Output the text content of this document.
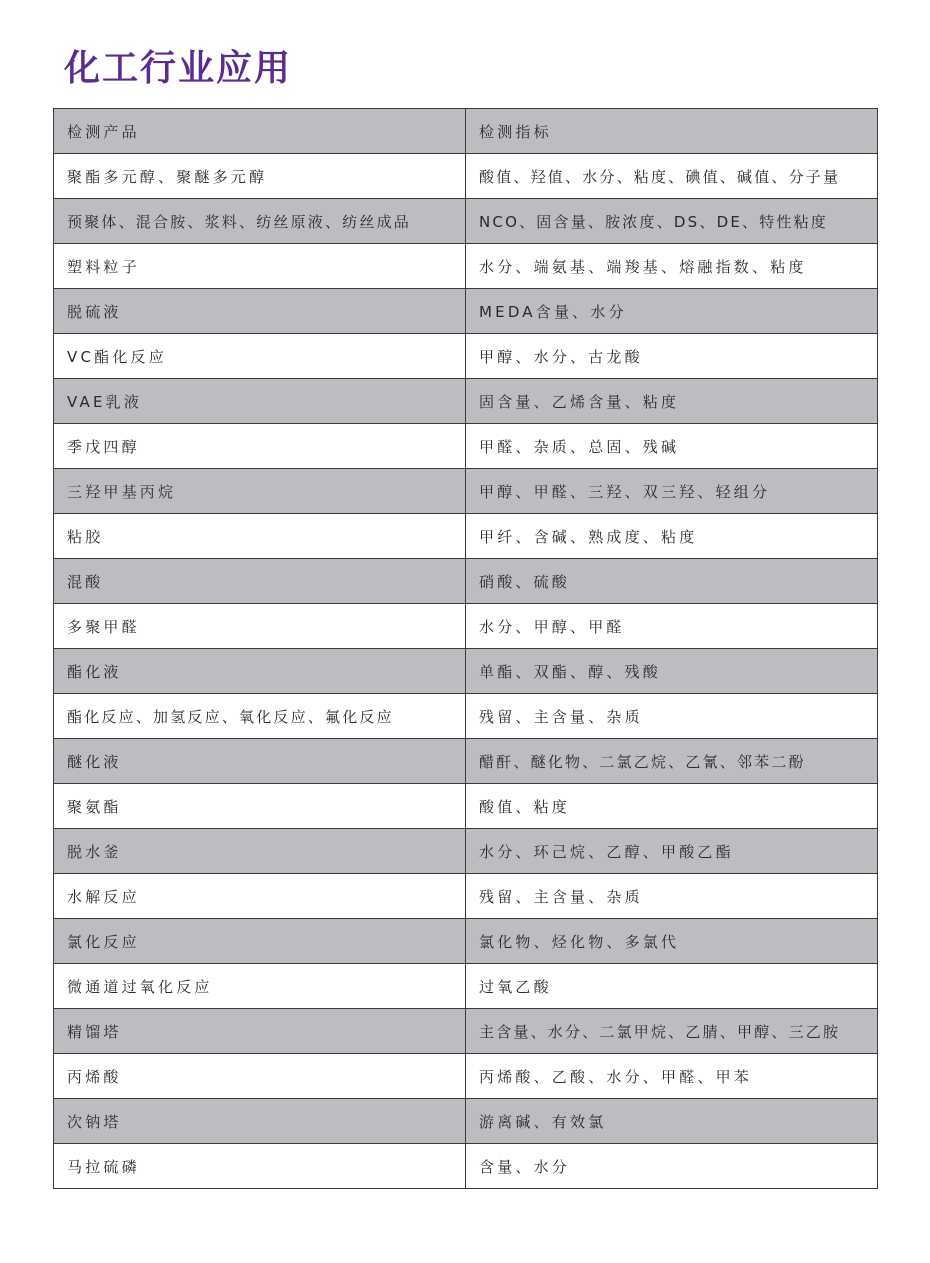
化工行业应用
检测产品	检测指标
聚酯多元醇、聚醚多元醇	酸值、羟值、水分、粘度、碘值、碱值、分子量
预聚体、混合胺、浆料、纺丝原液、纺丝成品	NCO、固含量、胺浓度、DS、DE、特性粘度
塑料粒子	水分、端氨基、端羧基、熔融指数、粘度
脱硫液	MEDA含量、水分
VC酯化反应	甲醇、水分、古龙酸
VAE乳液	固含量、乙烯含量、粘度
季戊四醇	甲醛、杂质、总固、残碱
三羟甲基丙烷	甲醇、甲醛、三羟、双三羟、轻组分
粘胶	甲纤、含碱、熟成度、粘度
混酸	硝酸、硫酸
多聚甲醛	水分、甲醇、甲醛
酯化液	单酯、双酯、醇、残酸
酯化反应、加氢反应、氧化反应、氟化反应	残留、主含量、杂质
醚化液	醋酐、醚化物、二氯乙烷、乙氰、邻苯二酚
聚氨酯	酸值、粘度
脱水釜	水分、环己烷、乙醇、甲酸乙酯
水解反应	残留、主含量、杂质
氯化反应	氯化物、烃化物、多氯代
微通道过氧化反应	过氧乙酸
精馏塔	主含量、水分、二氯甲烷、乙腈、甲醇、三乙胺
丙烯酸	丙烯酸、乙酸、水分、甲醛、甲苯
次钠塔	游离碱、有效氯
马拉硫磷	含量、水分
